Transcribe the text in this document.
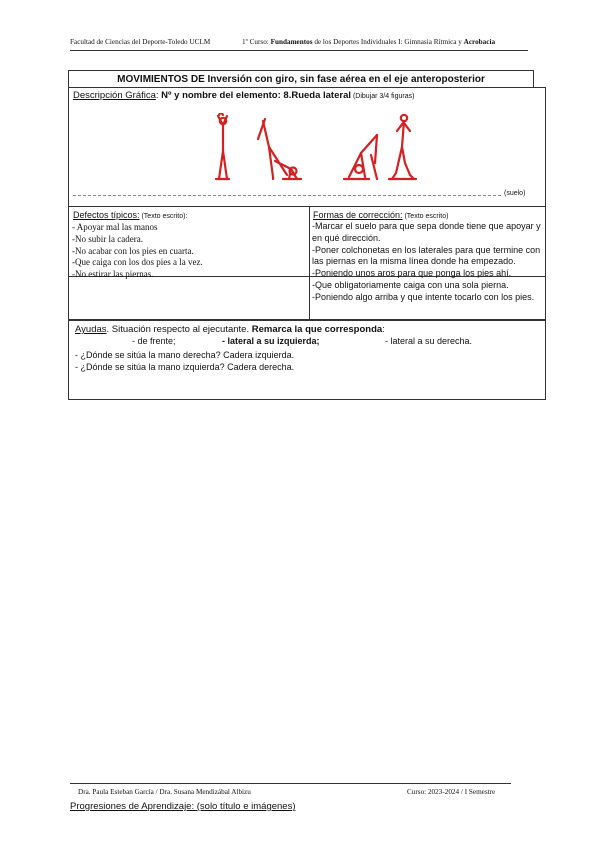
Facultad de Ciencias del Deporte-Toledo UCLM	1º Curso: Fundamentos de los Deportes Individuales I: Gimnasia Rítmica y Acrobacia
MOVIMIENTOS DE Inversión con giro, sin fase aérea en el eje anteroposterior
Descripción Gráfica: Nº y nombre del elemento: 8.Rueda lateral (Dibujar 3/4 figuras)
(suelo)
Defectos típicos: (Texto escrito):
- Apoyar mal las manos
-No subir la cadera.
-No acabar con los pies en cuarta.
-Que caiga con los dos pies a la vez.
-No estirar las piernas.
Formas de corrección: (Texto escrito)
-Marcar el suelo para que sepa donde tiene que apoyar y
en qué dirección.
-Poner colchonetas en los laterales para que termine con
las piernas en la misma línea donde ha empezado.
-Poniendo unos aros para que ponga los pies ahí.
-Que obligatoriamente caiga con una sola pierna.
-Poniendo algo arriba y que intente tocarlo con los pies.
Ayudas. Situación respecto al ejecutante. Remarca la que corresponda:
- de frente;	- lateral a su izquierda;	- lateral a su derecha.
- ¿Dónde se sitúa la mano derecha? Cadera izquierda.
- ¿Dónde se sitúa la mano izquierda? Cadera derecha.
Dra. Paula Esteban García / Dra. Susana Mendizábal Albizu	Curso: 2023-2024 / I Semestre
Progresiones de Aprendizaje: (solo título e imágenes)
